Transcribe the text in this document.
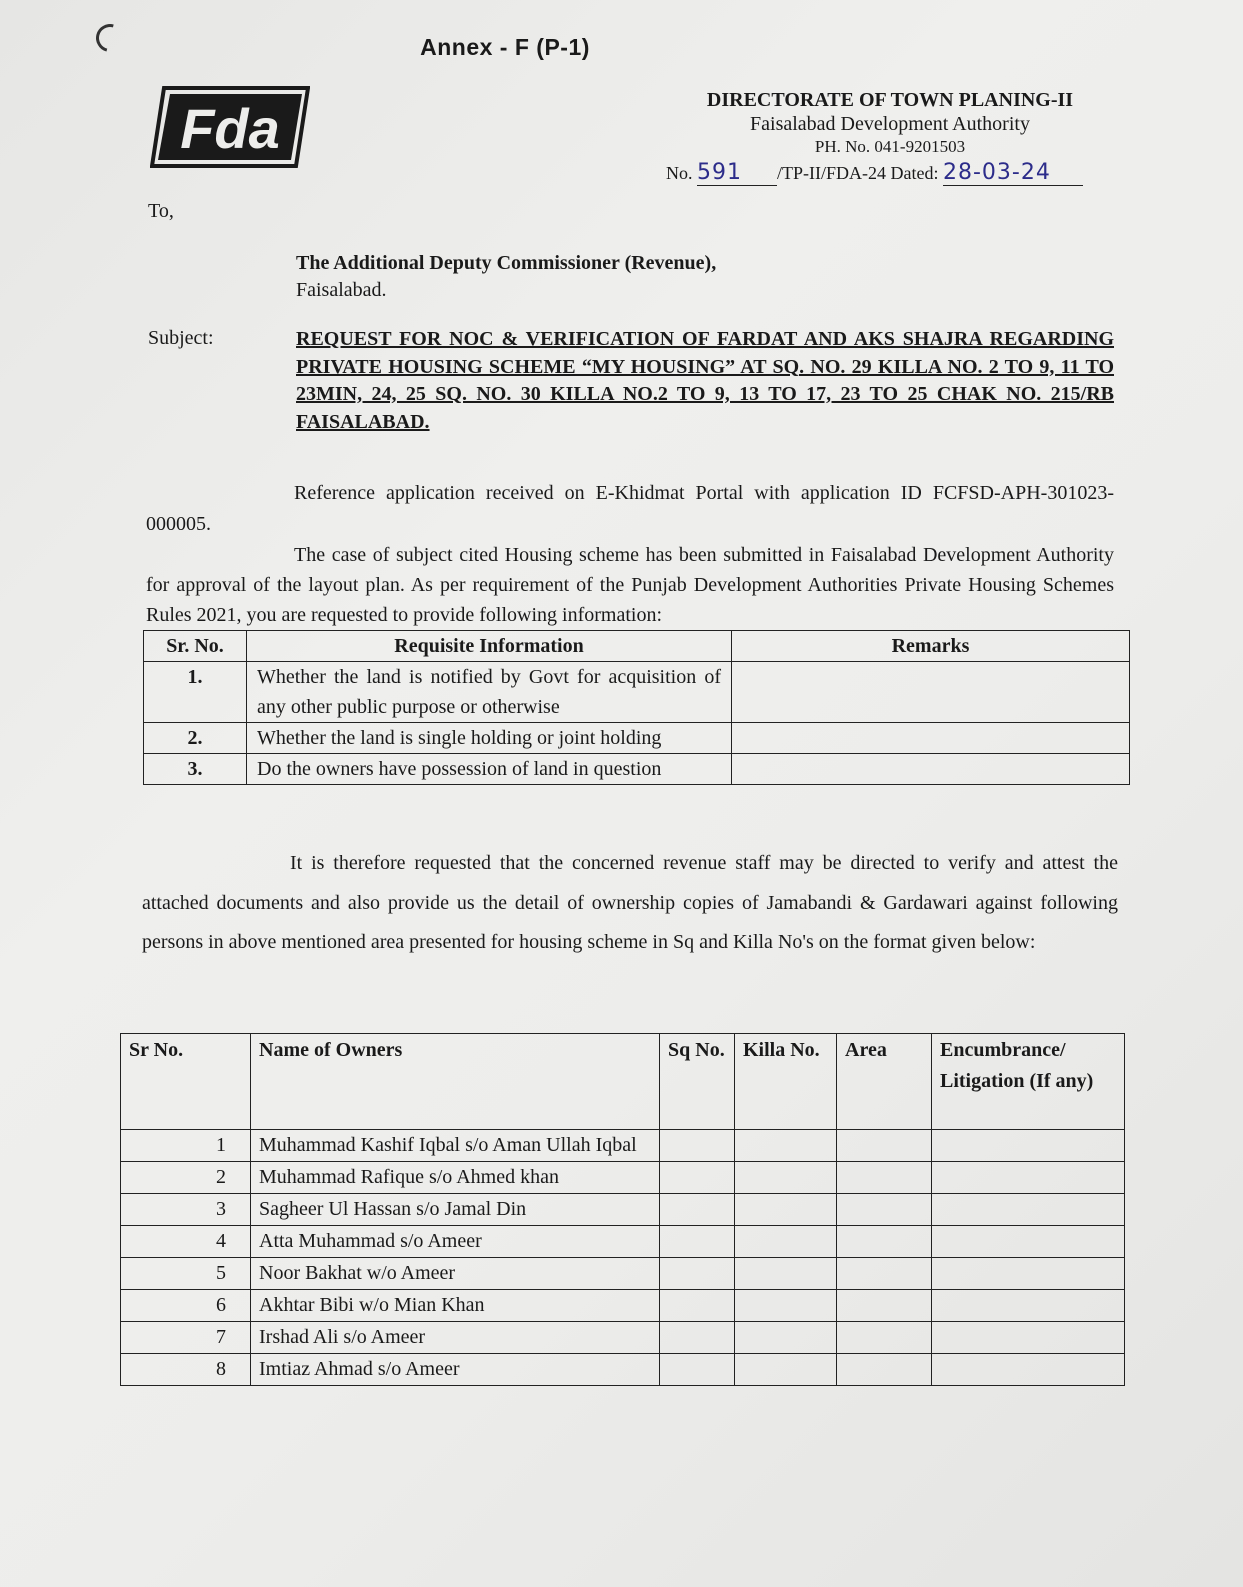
Annex - F (P-1)
Fda	DIRECTORATE OF TOWN PLANING-II
Faisalabad Development Authority
PH. No. 041-9201503
No. 591 /TP-II/FDA-24 Dated: 28-03-24
To,
The Additional Deputy Commissioner (Revenue),
Faisalabad.
Subject:	REQUEST FOR NOC & VERIFICATION OF FARDAT AND AKS SHAJRA REGARDING PRIVATE HOUSING SCHEME “MY HOUSING” AT SQ. NO. 29 KILLA NO. 2 TO 9, 11 TO 23MIN, 24, 25 SQ. NO. 30 KILLA NO.2 TO 9, 13 TO 17, 23 TO 25 CHAK NO. 215/RB FAISALABAD.
Reference application received on E-Khidmat Portal with application ID FCFSD-APH-301023-000005.
The case of subject cited Housing scheme has been submitted in Faisalabad Development Authority for approval of the layout plan. As per requirement of the Punjab Development Authorities Private Housing Schemes Rules 2021, you are requested to provide following information:
Sr. No.	Requisite Information	Remarks
1.	Whether the land is notified by Govt for acquisition of any other public purpose or otherwise	
2.	Whether the land is single holding or joint holding	
3.	Do the owners have possession of land in question	
It is therefore requested that the concerned revenue staff may be directed to verify and attest the attached documents and also provide us the detail of ownership copies of Jamabandi & Gardawari against following persons in above mentioned area presented for housing scheme in Sq and Killa No's on the format given below:
Sr No.	Name of Owners	Sq No.	Killa No.	Area	Encumbrance/ Litigation (If any)
1	Muhammad Kashif Iqbal s/o Aman Ullah Iqbal				
2	Muhammad Rafique s/o Ahmed khan				
3	Sagheer Ul Hassan s/o Jamal Din				
4	Atta Muhammad s/o Ameer				
5	Noor Bakhat w/o Ameer				
6	Akhtar Bibi w/o Mian Khan				
7	Irshad Ali s/o Ameer				
8	Imtiaz Ahmad s/o Ameer				
